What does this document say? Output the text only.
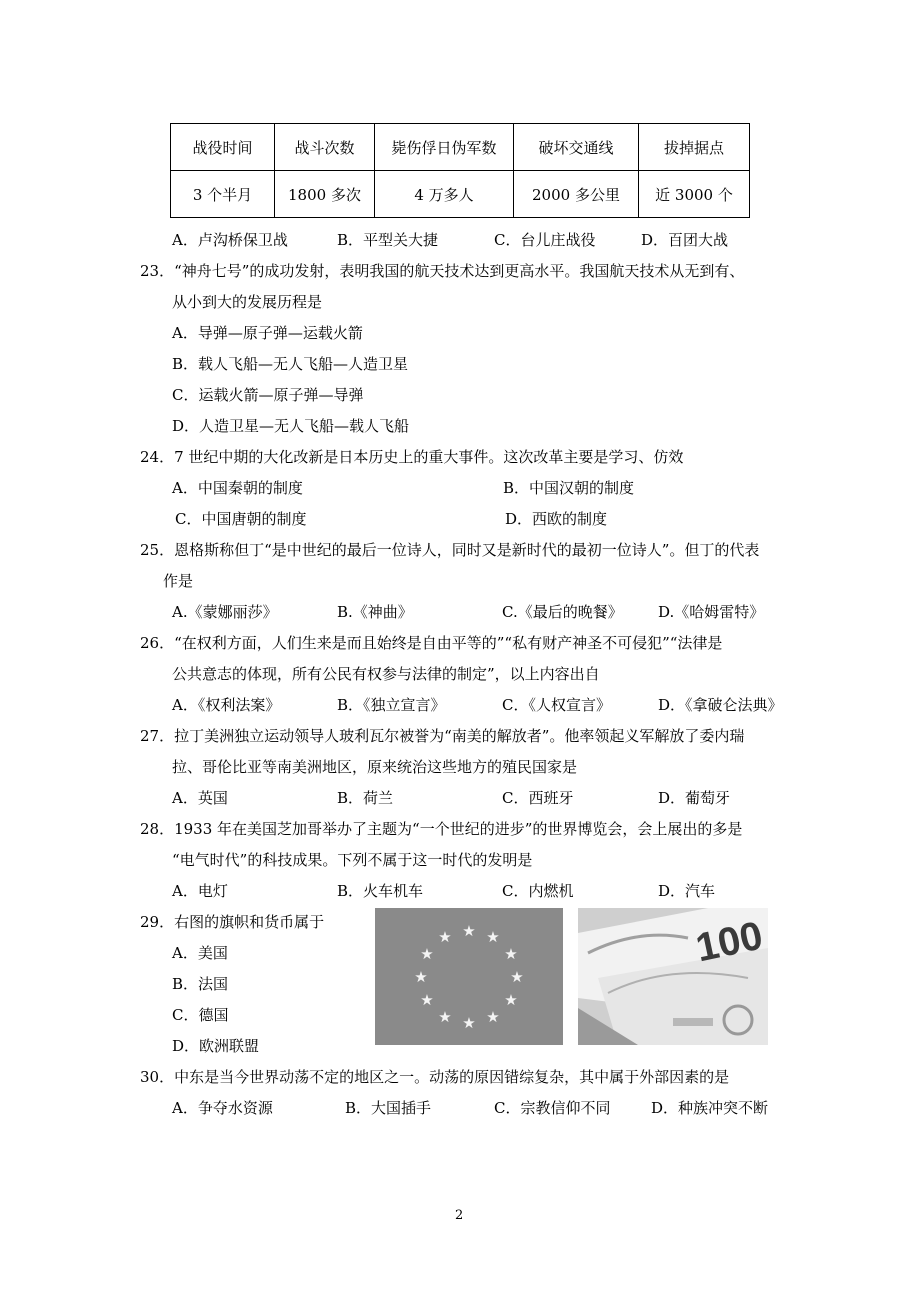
战役时间	战斗次数	毙伤俘日伪军数	破坏交通线	拔掉据点
3 个半月	1800 多次	4 万多人	2000 多公里	近 3000 个
A．卢沟桥保卫战	B．平型关大捷	C．台儿庄战役	D．百团大战
23．“神舟七号”的成功发射，表明我国的航天技术达到更高水平。我国航天技术从无到有、
从小到大的发展历程是
A．导弹—原子弹—运载火箭
B．载人飞船—无人飞船—人造卫星
C．运载火箭—原子弹—导弹
D．人造卫星—无人飞船—载人飞船
24．7 世纪中期的大化改新是日本历史上的重大事件。这次改革主要是学习、仿效
A．中国秦朝的制度	B．中国汉朝的制度
C．中国唐朝的制度	D．西欧的制度
25．恩格斯称但丁“是中世纪的最后一位诗人，同时又是新时代的最初一位诗人”。但丁的代表
作是
A.《蒙娜丽莎》	B.《神曲》	C.《最后的晚餐》 D.《哈姆雷特》
26．“在权利方面，人们生来是而且始终是自由平等的”“私有财产神圣不可侵犯”“法律是
公共意志的体现，所有公民有权参与法律的制定”，以上内容出自
A．《权利法案》	B．《独立宣言》	C．《人权宣言》	D．《拿破仑法典》
27．拉丁美洲独立运动领导人玻利瓦尔被誉为“南美的解放者”。他率领起义军解放了委内瑞
拉、哥伦比亚等南美洲地区，原来统治这些地方的殖民国家是
A．英国	B．荷兰	C．西班牙	D．葡萄牙
28．1933 年在美国芝加哥举办了主题为“一个世纪的进步”的世界博览会，会上展出的多是
“电气时代”的科技成果。下列不属于这一时代的发明是
A．电灯	B．火车机车	C．内燃机	D．汽车
29．右图的旗帜和货币属于
A．美国
B．法国
C．德国
D．欧洲联盟
★ ★
★
★
★
★
★
★
★
★
★
★	100
30．中东是当今世界动荡不定的地区之一。动荡的原因错综复杂，其中属于外部因素的是
A．争夺水资源	B．大国插手	C．宗教信仰不同	D．种族冲突不断
2
